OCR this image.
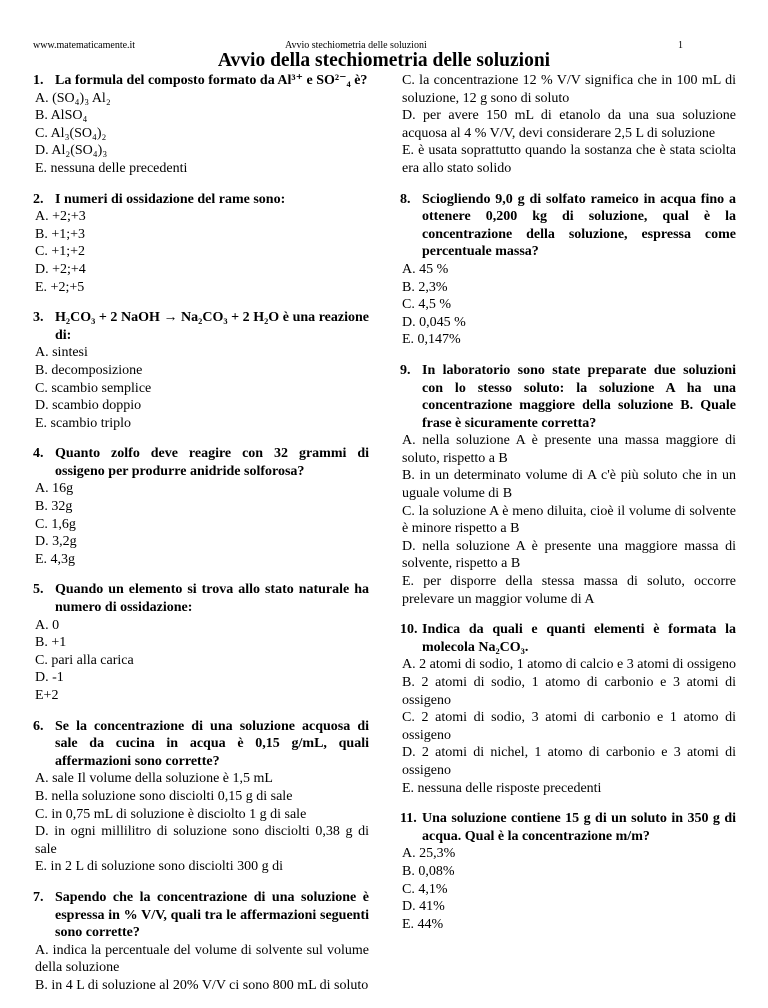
www.matematicamente.it	Avvio stechiometria delle soluzioni	1
Avvio della stechiometria delle soluzioni
1. La formula del composto formato da Al³⁺ e SO²⁻₄ è?
A. (SO₄)₃ Al₂
B. AlSO₄
C. Al₃(SO₄)₂
D. Al₂(SO₄)₃
E. nessuna delle precedenti
2. I numeri di ossidazione del rame sono:
A. +2;+3
B. +1;+3
C. +1;+2
D. +2;+4
E. +2;+5
3. H₂CO₃ + 2 NaOH → Na₂CO₃ + 2 H₂O è una reazione di:
A. sintesi
B. decomposizione
C. scambio semplice
D. scambio doppio
E. scambio triplo
4. Quanto zolfo deve reagire con 32 grammi di ossigeno per produrre anidride solforosa?
A. 16g
B. 32g
C. 1,6g
D. 3,2g
E. 4,3g
5. Quando un elemento si trova allo stato naturale ha numero di ossidazione:
A. 0
B. +1
C. pari alla carica
D. -1
E+2
6. Se la concentrazione di una soluzione acquosa di sale da cucina in acqua è 0,15 g/mL, quali affermazioni sono corrette?
A. sale Il volume della soluzione è 1,5 mL
B. nella soluzione sono disciolti 0,15 g di sale
C. in 0,75 mL di soluzione è disciolto 1 g di sale
D. in ogni millilitro di soluzione sono disciolti 0,38 g di sale
E. in 2 L di soluzione sono disciolti 300 g di
7. Sapendo che la concentrazione di una soluzione è espressa in % V/V, quali tra le affermazioni seguenti sono corrette?
A. indica la percentuale del volume di solvente sul volume della soluzione
B. in 4 L di soluzione al 20% V/V ci sono 800 mL di soluto
C. la concentrazione 12 % V/V significa che in 100 mL di soluzione, 12 g sono di soluto
D. per avere 150 mL di etanolo da una sua soluzione acquosa al 4 % V/V, devi considerare 2,5 L di soluzione
E. è usata soprattutto quando la sostanza che è stata sciolta era allo stato solido
8. Sciogliendo 9,0 g di solfato rameico in acqua fino a ottenere 0,200 kg di soluzione, qual è la concentrazione della soluzione, espressa come percentuale massa?
A. 45 %
B. 2,3%
C. 4,5 %
D. 0,045 %
E. 0,147%
9. In laboratorio sono state preparate due soluzioni con lo stesso soluto: la soluzione A ha una concentrazione maggiore della soluzione B. Quale frase è sicuramente corretta?
A. nella soluzione A è presente una massa maggiore di soluto, rispetto a B
B. in un determinato volume di A c'è più soluto che in un uguale volume di B
C. la soluzione A è meno diluita, cioè il volume di solvente è minore rispetto a B
D. nella soluzione A è presente una maggiore massa di solvente, rispetto a B
E. per disporre della stessa massa di soluto, occorre prelevare un maggior volume di A
10. Indica da quali e quanti elementi è formata la molecola Na₂CO₃.
A. 2 atomi di sodio, 1 atomo di calcio e 3 atomi di ossigeno
B. 2 atomi di sodio, 1 atomo di carbonio e 3 atomi di ossigeno
C. 2 atomi di sodio, 3 atomi di carbonio e 1 atomo di ossigeno
D. 2 atomi di nichel, 1 atomo di carbonio e 3 atomi di ossigeno
E. nessuna delle risposte precedenti
11. Una soluzione contiene 15 g di un soluto in 350 g di acqua. Qual è la concentrazione m/m?
A. 25,3%
B. 0,08%
C. 4,1%
D. 41%
E. 44%
